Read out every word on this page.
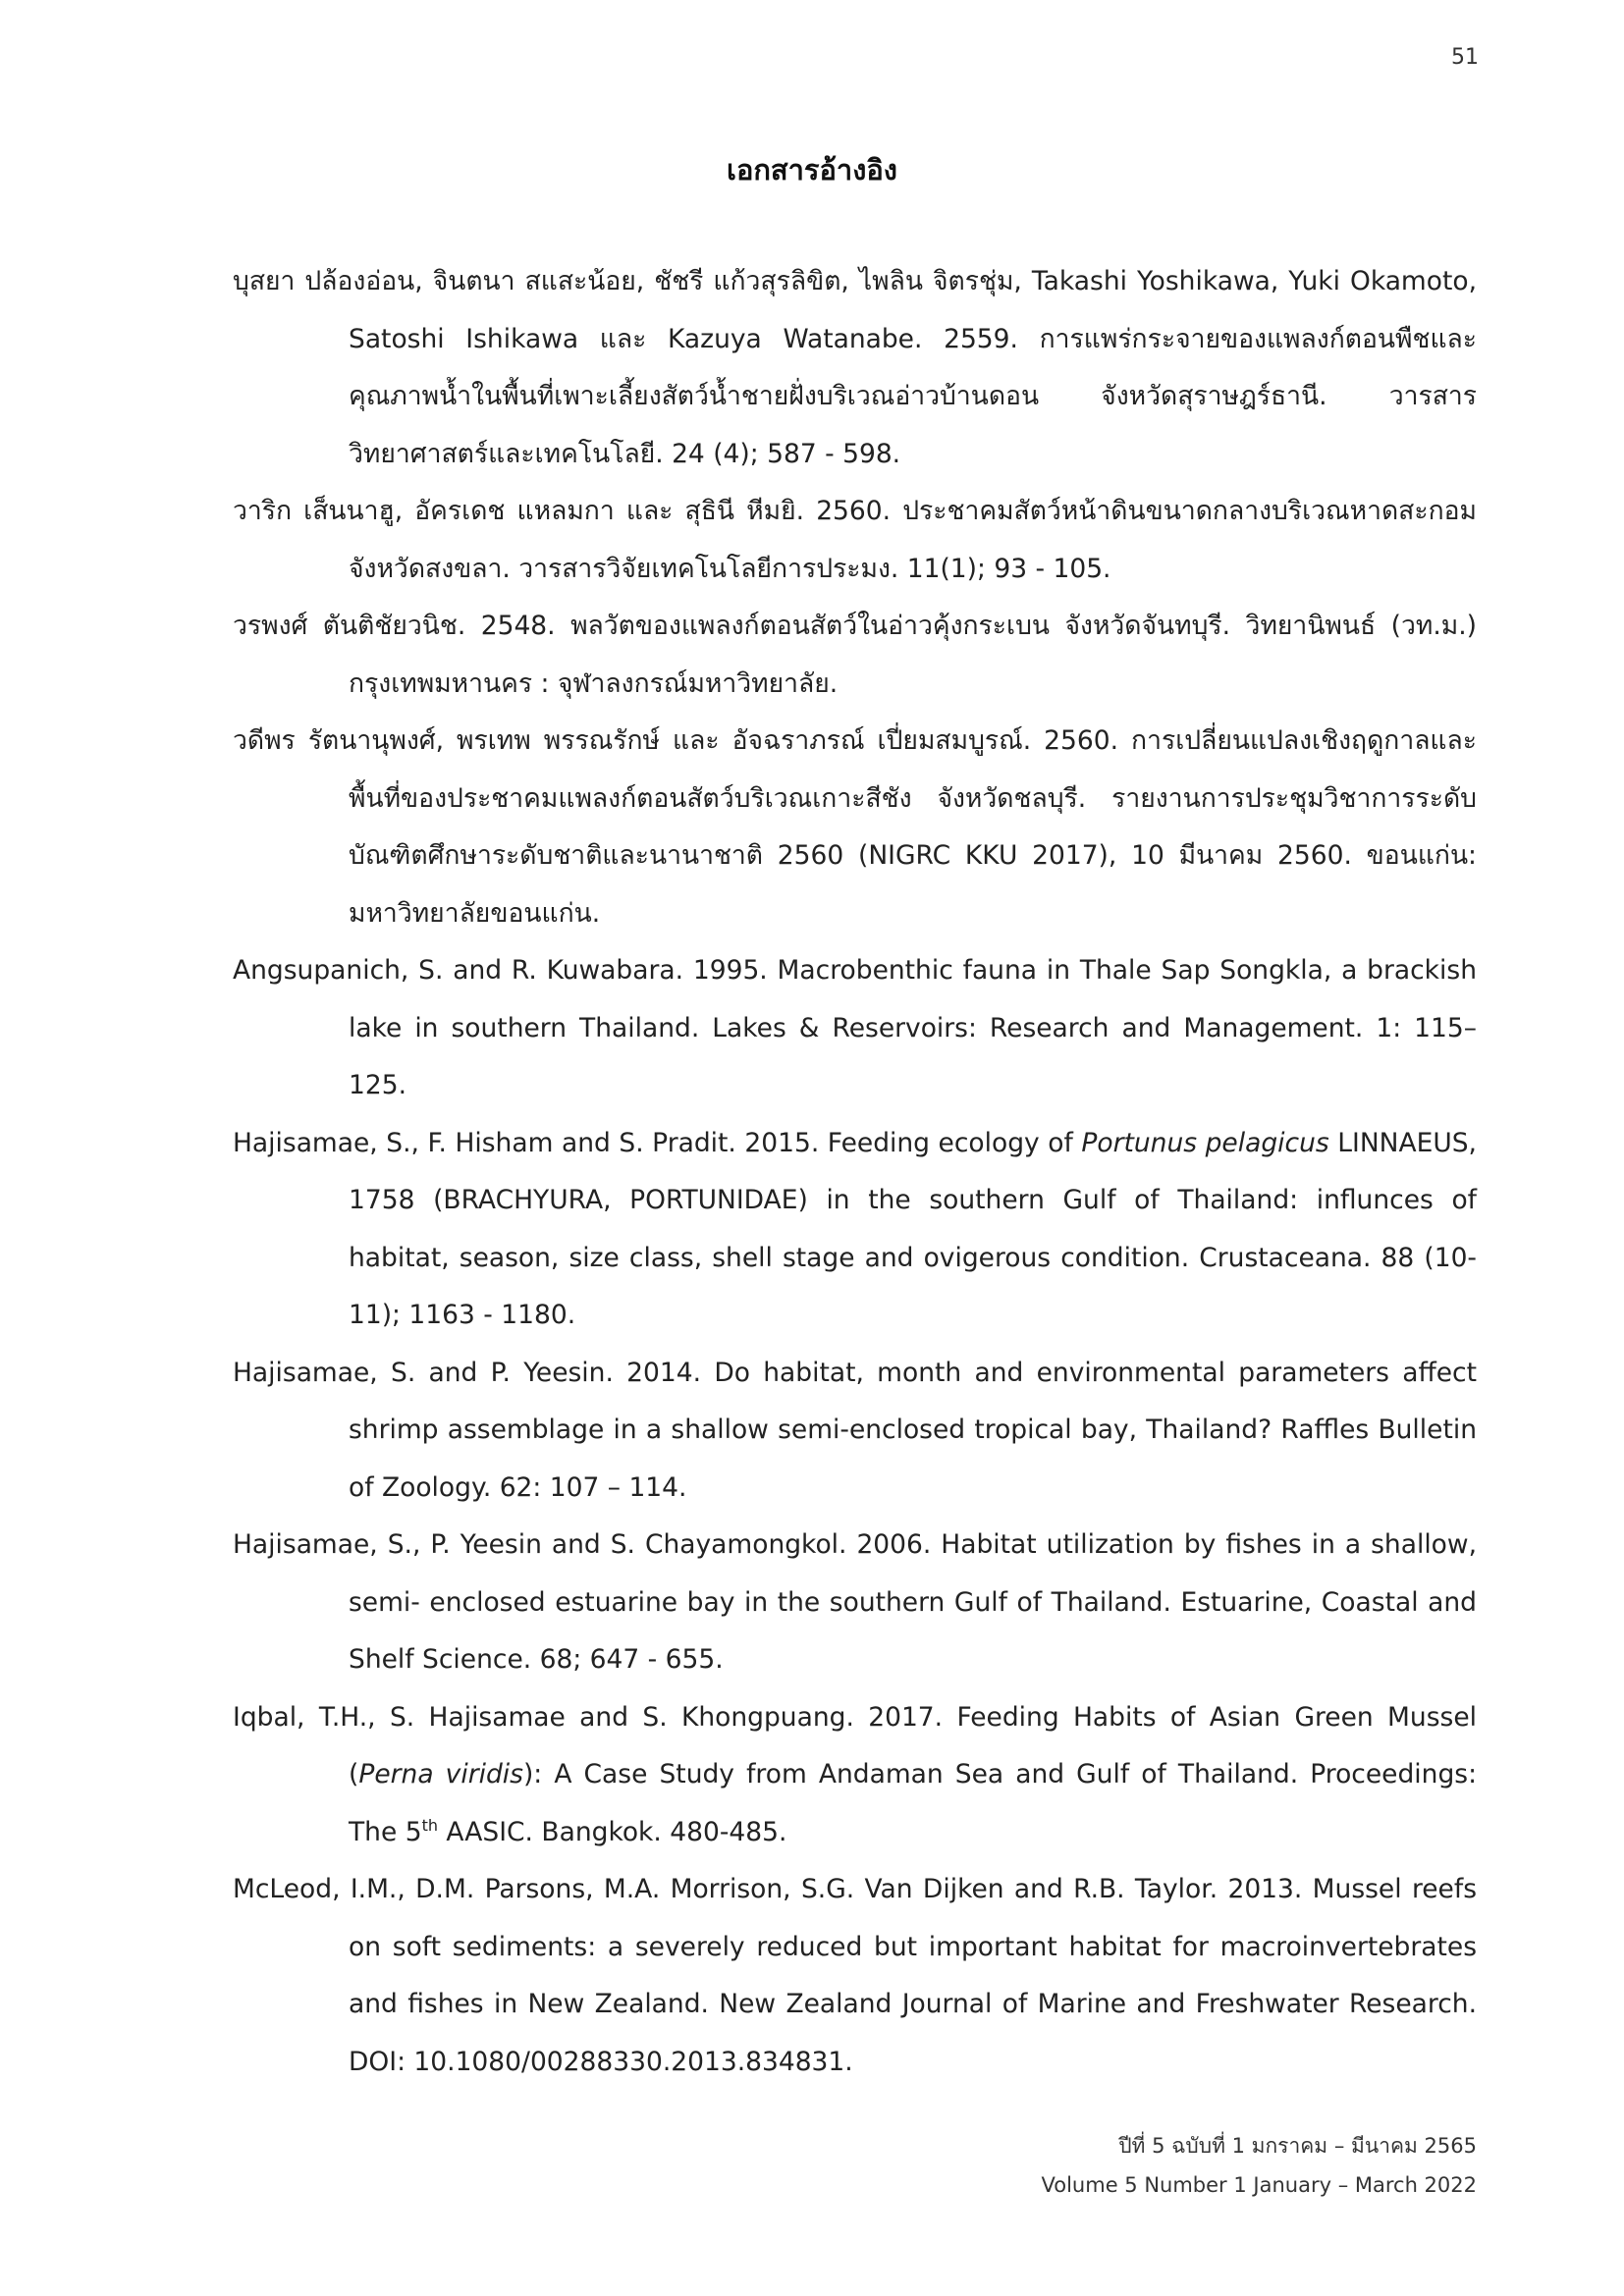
51
เอกสารอ้างอิง

บุสยา ปล้องอ่อน, จินตนา สแสะน้อย, ชัชรี แก้วสุรลิขิต, ไพลิน จิตรชุ่ม, Takashi Yoshikawa, Yuki Okamoto, Satoshi Ishikawa และ Kazuya Watanabe. 2559. การแพร่กระจายของแพลงก์ตอนพืชและคุณภาพน้ำในพื้นที่เพาะเลี้ยงสัตว์น้ำชายฝั่งบริเวณอ่าวบ้านดอน จังหวัดสุราษฎร์ธานี. วารสารวิทยาศาสตร์และเทคโนโลยี. 24 (4); 587 - 598.

วาริก เส็นนาฮู, อัครเดช แหลมกา และ สุธินี หีมยิ. 2560. ประชาคมสัตว์หน้าดินขนาดกลางบริเวณหาดสะกอม จังหวัดสงขลา. วารสารวิจัยเทคโนโลยีการประมง. 11(1); 93 - 105.

วรพงศ์ ตันติชัยวนิช. 2548. พลวัตของแพลงก์ตอนสัตว์ในอ่าวคุ้งกระเบน จังหวัดจันทบุรี. วิทยานิพนธ์ (วท.ม.) กรุงเทพมหานคร : จุฬาลงกรณ์มหาวิทยาลัย.

วดีพร รัตนานุพงศ์, พรเทพ พรรณรักษ์ และ อัจฉราภรณ์ เปี่ยมสมบูรณ์. 2560. การเปลี่ยนแปลงเชิงฤดูกาลและพื้นที่ของประชาคมแพลงก์ตอนสัตว์บริเวณเกาะสีชัง จังหวัดชลบุรี. รายงานการประชุมวิชาการระดับบัณฑิตศึกษาระดับชาติและนานาชาติ 2560 (NIGRC KKU 2017), 10 มีนาคม 2560. ขอนแก่น: มหาวิทยาลัยขอนแก่น.

Angsupanich, S. and R. Kuwabara. 1995. Macrobenthic fauna in Thale Sap Songkla, a brackish lake in southern Thailand. Lakes & Reservoirs: Research and Management. 1: 115–125.

Hajisamae, S., F. Hisham and S. Pradit. 2015. Feeding ecology of Portunus pelagicus LINNAEUS, 1758 (BRACHYURA, PORTUNIDAE) in the southern Gulf of Thailand: influnces of habitat, season, size class, shell stage and ovigerous condition. Crustaceana. 88 (10-11); 1163 - 1180.

Hajisamae, S. and P. Yeesin. 2014. Do habitat, month and environmental parameters affect shrimp assemblage in a shallow semi-enclosed tropical bay, Thailand? Raffles Bulletin of Zoology. 62: 107 – 114.

Hajisamae, S., P. Yeesin and S. Chayamongkol. 2006. Habitat utilization by fishes in a shallow, semi- enclosed estuarine bay in the southern Gulf of Thailand. Estuarine, Coastal and Shelf Science. 68; 647 - 655.

Iqbal, T.H., S. Hajisamae and S. Khongpuang. 2017. Feeding Habits of Asian Green Mussel (Perna viridis): A Case Study from Andaman Sea and Gulf of Thailand. Proceedings: The 5th AASIC. Bangkok. 480-485.

McLeod, I.M., D.M. Parsons, M.A. Morrison, S.G. Van Dijken and R.B. Taylor. 2013. Mussel reefs on soft sediments: a severely reduced but important habitat for macroinvertebrates and fishes in New Zealand. New Zealand Journal of Marine and Freshwater Research. DOI: 10.1080/00288330.2013.834831.

ปีที่ 5 ฉบับที่ 1 มกราคม – มีนาคม 2565
Volume 5 Number 1 January – March 2022
